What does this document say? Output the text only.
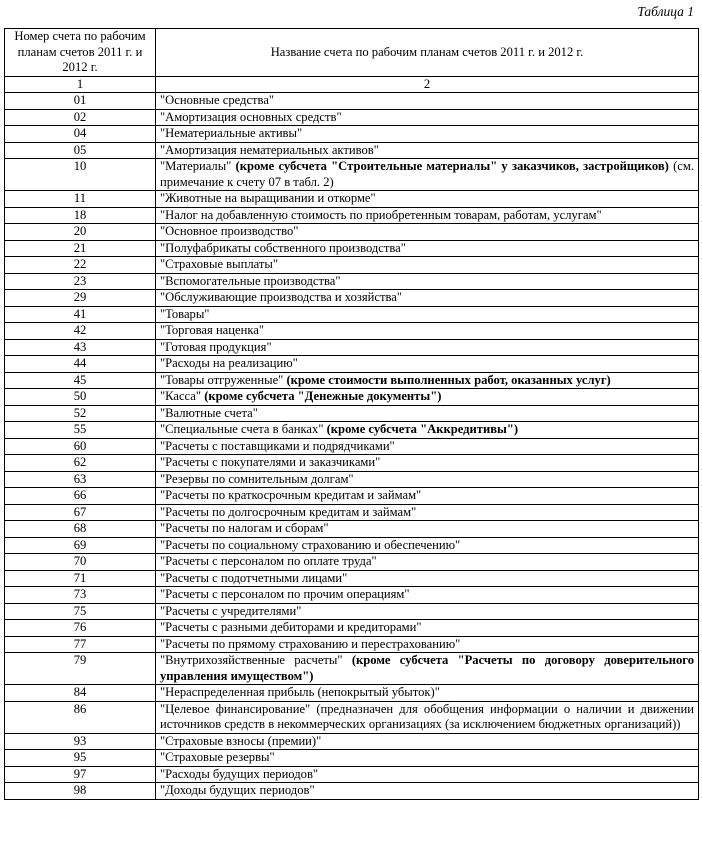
Таблица 1
Номер счета по рабочим планам счетов 2011 г. и 2012 г.	Название счета по рабочим планам счетов 2011 г. и 2012 г.
1	2
01	"Основные средства"
02	"Амортизация основных средств"
04	"Нематериальные активы"
05	"Амортизация нематериальных активов"
10	"Материалы" (кроме субсчета "Строительные материалы" у заказчиков, застройщиков) (см. примечание к счету 07 в табл. 2)
11	"Животные на выращивании и откорме"
18	"Налог на добавленную стоимость по приобретенным товарам, работам, услугам"
20	"Основное производство"
21	"Полуфабрикаты собственного производства"
22	"Страховые выплаты"
23	"Вспомогательные производства"
29	"Обслуживающие производства и хозяйства"
41	"Товары"
42	"Торговая наценка"
43	"Готовая продукция"
44	"Расходы на реализацию"
45	"Товары отгруженные" (кроме стоимости выполненных работ, оказанных услуг)
50	"Касса" (кроме субсчета "Денежные документы")
52	"Валютные счета"
55	"Специальные счета в банках" (кроме субсчета "Аккредитивы")
60	"Расчеты с поставщиками и подрядчиками"
62	"Расчеты с покупателями и заказчиками"
63	"Резервы по сомнительным долгам"
66	"Расчеты по краткосрочным кредитам и займам"
67	"Расчеты по долгосрочным кредитам и займам"
68	"Расчеты по налогам и сборам"
69	"Расчеты по социальному страхованию и обеспечению"
70	"Расчеты с персоналом по оплате труда"
71	"Расчеты с подотчетными лицами"
73	"Расчеты с персоналом по прочим операциям"
75	"Расчеты с учредителями"
76	"Расчеты с разными дебиторами и кредиторами"
77	"Расчеты по прямому страхованию и перестрахованию"
79	"Внутрихозяйственные расчеты" (кроме субсчета "Расчеты по договору доверительного управления имуществом")
84	"Нераспределенная прибыль (непокрытый убыток)"
86	"Целевое финансирование" (предназначен для обобщения информации о наличии и движении источников средств в некоммерческих организациях (за исключением бюджетных организаций))
93	"Страховые взносы (премии)"
95	"Страховые резервы"
97	"Расходы будущих периодов"
98	"Доходы будущих периодов"
